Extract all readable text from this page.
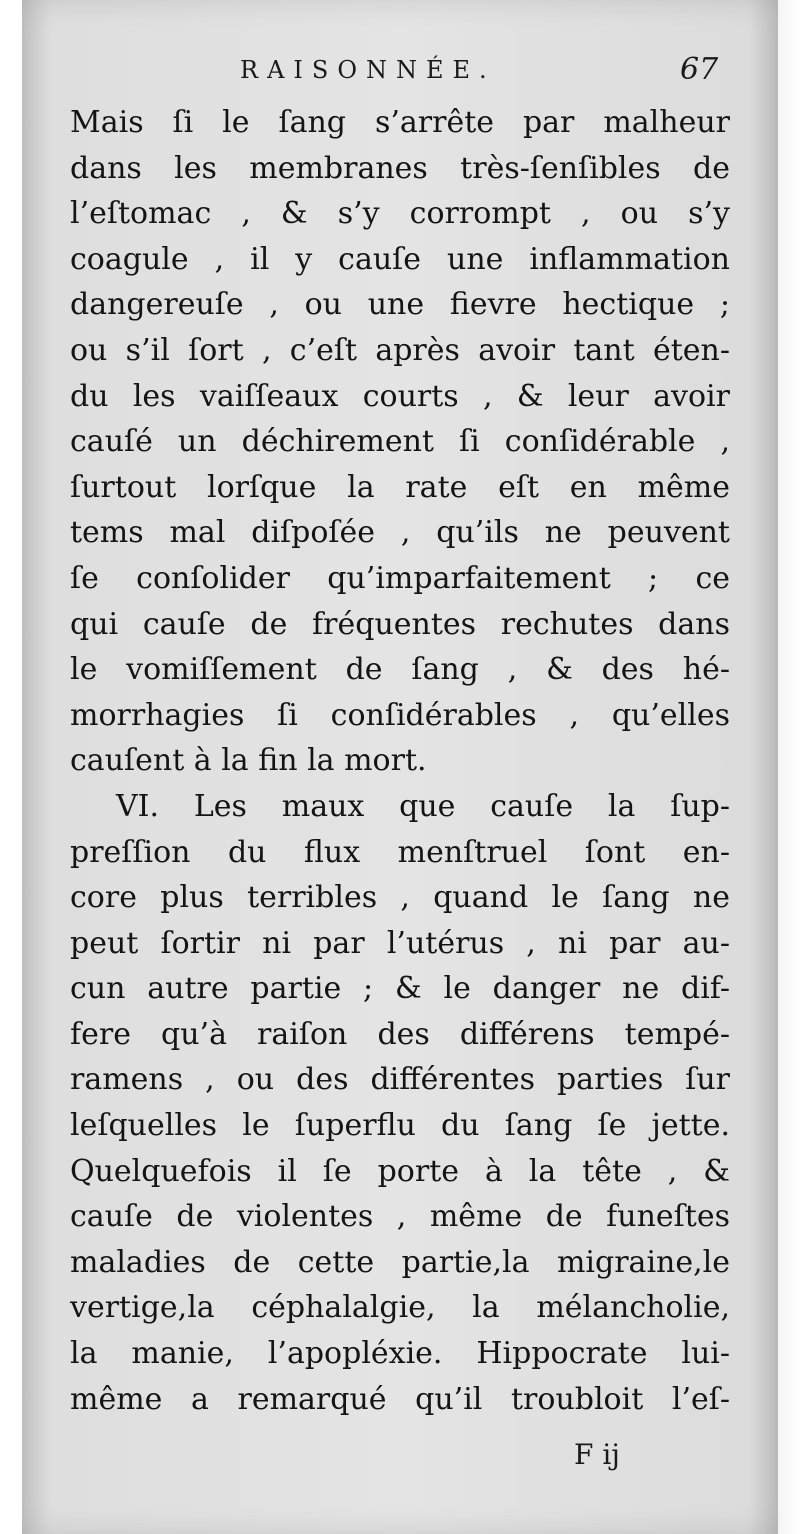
RAISONNÉE.	67
Mais ſi le ſang s’arrête par malheur
dans les membranes très-ſenſibles de
l’eſtomac , & s’y corrompt , ou s’y
coagule , il y cauſe une inflammation
dangereuſe , ou une fievre hectique ;
ou s’il ſort , c’eſt après avoir tant éten-
du les vaiſſeaux courts , & leur avoir
cauſé un déchirement ſi conſidérable ,
ſurtout lorſque la rate eſt en même
tems mal diſpoſée , qu’ils ne peuvent
ſe conſolider qu’imparfaitement ; ce
qui cauſe de fréquentes rechutes dans
le vomiſſement de ſang , & des hé-
morrhagies ſi conſidérables , qu’elles
cauſent à la fin la mort.
VI. Les maux que cauſe la ſup-
preſſion du flux menſtruel ſont en-
core plus terribles , quand le ſang ne
peut ſortir ni par l’utérus , ni par au-
cun autre partie ; & le danger ne dif-
fere qu’à raiſon des différens tempé-
ramens , ou des différentes parties ſur
leſquelles le ſuperflu du ſang ſe jette.
Quelquefois il ſe porte à la tête , &
cauſe de violentes , même de funeſtes
maladies de cette partie,la migraine,le
vertige,la céphalalgie, la mélancholie,
la manie, l’apopléxie. Hippocrate lui-
même a remarqué qu’il troubloit l’eſ-
F ij
